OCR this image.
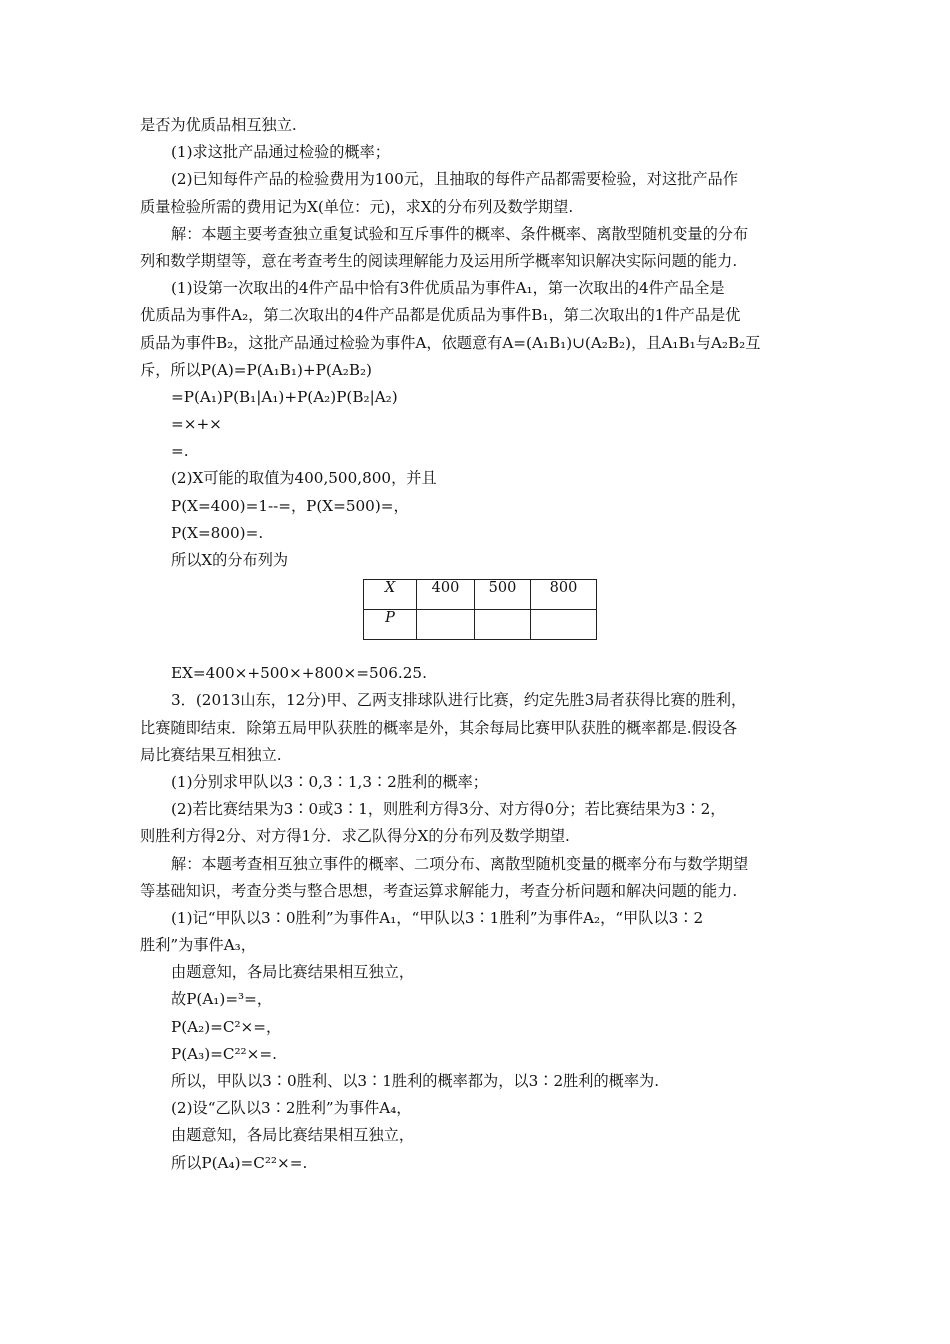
是否为优质品相互独立.

(1)求这批产品通过检验的概率；

(2)已知每件产品的检验费用为100元，且抽取的每件产品都需要检验，对这批产品作

质量检验所需的费用记为X(单位：元)，求X的分布列及数学期望.

解：本题主要考查独立重复试验和互斥事件的概率、条件概率、离散型随机变量的分布

列和数学期望等，意在考查考生的阅读理解能力及运用所学概率知识解决实际问题的能力.

(1)设第一次取出的4件产品中恰有3件优质品为事件A₁，第一次取出的4件产品全是

优质品为事件A₂，第二次取出的4件产品都是优质品为事件B₁，第二次取出的1件产品是优

质品为事件B₂，这批产品通过检验为事件A，依题意有A=(A₁B₁)∪(A₂B₂)，且A₁B₁与A₂B₂互

斥，所以P(A)=P(A₁B₁)+P(A₂B₂)

=P(A₁)P(B₁|A₁)+P(A₂)P(B₂|A₂)

=×+×

=.

(2)X可能的取值为400,500,800，并且

P(X=400)=1--=，P(X=500)=，

P(X=800)=.

所以X的分布列为

X	400	500	800
P			

EX=400×+500×+800×=506.25.

3．(2013山东，12分)甲、乙两支排球队进行比赛，约定先胜3局者获得比赛的胜利，

比赛随即结束．除第五局甲队获胜的概率是外，其余每局比赛甲队获胜的概率都是.假设各

局比赛结果互相独立.

(1)分别求甲队以3∶0,3∶1,3∶2胜利的概率；

(2)若比赛结果为3∶0或3∶1，则胜利方得3分、对方得0分；若比赛结果为3∶2，

则胜利方得2分、对方得1分．求乙队得分X的分布列及数学期望.

解：本题考查相互独立事件的概率、二项分布、离散型随机变量的概率分布与数学期望

等基础知识，考查分类与整合思想，考查运算求解能力，考查分析问题和解决问题的能力.

(1)记“甲队以3∶0胜利”为事件A₁，“甲队以3∶1胜利”为事件A₂，“甲队以3∶2

胜利”为事件A₃，

由题意知，各局比赛结果相互独立，

故P(A₁)=³=，

P(A₂)=C²×=，

P(A₃)=C²²×=.

所以，甲队以3∶0胜利、以3∶1胜利的概率都为，以3∶2胜利的概率为.

(2)设“乙队以3∶2胜利”为事件A₄，

由题意知，各局比赛结果相互独立，

所以P(A₄)=C²²×=.
